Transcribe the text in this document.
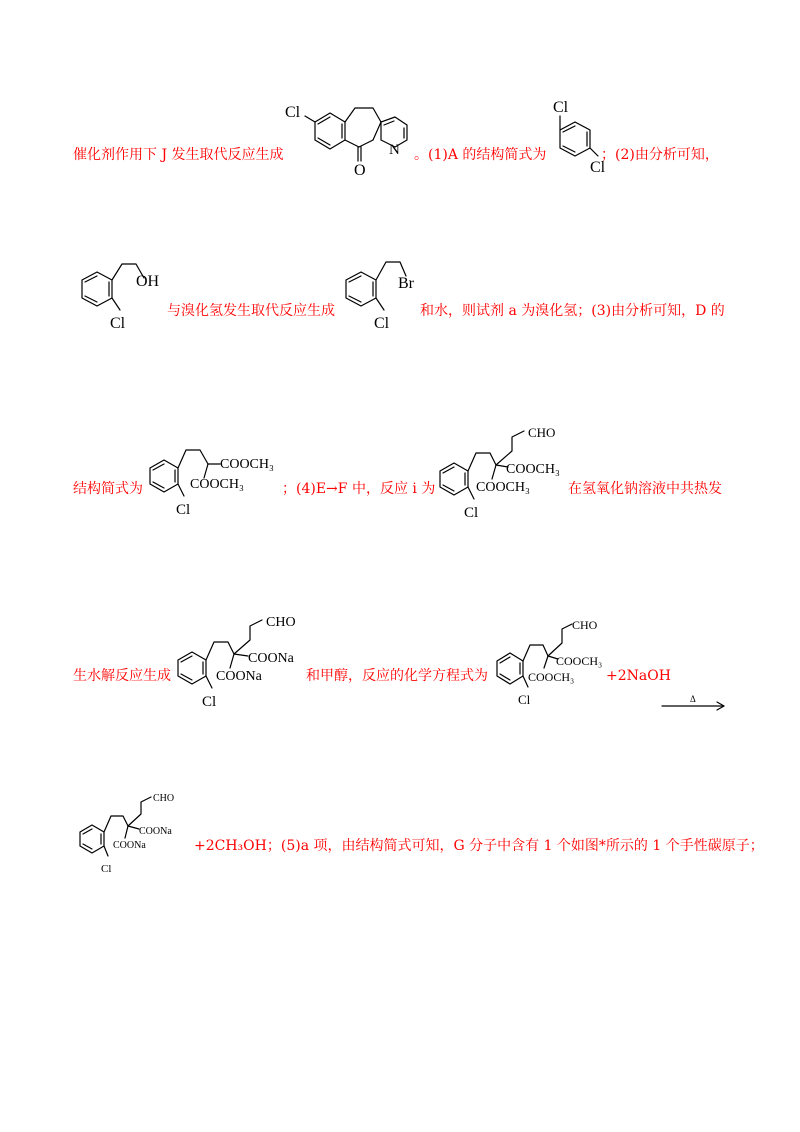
催化剂作用下 J 发生取代反应生成
Cl
N
O
。(1)A 的结构简式为
Cl
Cl
；(2)由分析可知，
OH
Cl
与溴化氢发生取代反应生成
Br
Cl
和水，则试剂 a 为溴化氢；(3)由分析可知，D 的
结构简式为
COOCH₃
COOCH₃
Cl
；(4)E→F 中，反应 i 为
CHO
COOCH₃
COOCH₃
Cl
在氢氧化钠溶液中共热发
生水解反应生成
CHO
COONa
COONa
Cl
和甲醇，反应的化学方程式为
CHO
COOCH₃
COOCH₃
Cl
+2NaOH
Δ
CHO
COONa
COONa
Cl
+2CH₃OH；(5)a 项，由结构简式可知，G 分子中含有 1 个如图*所示的 1 个手性碳原子；
